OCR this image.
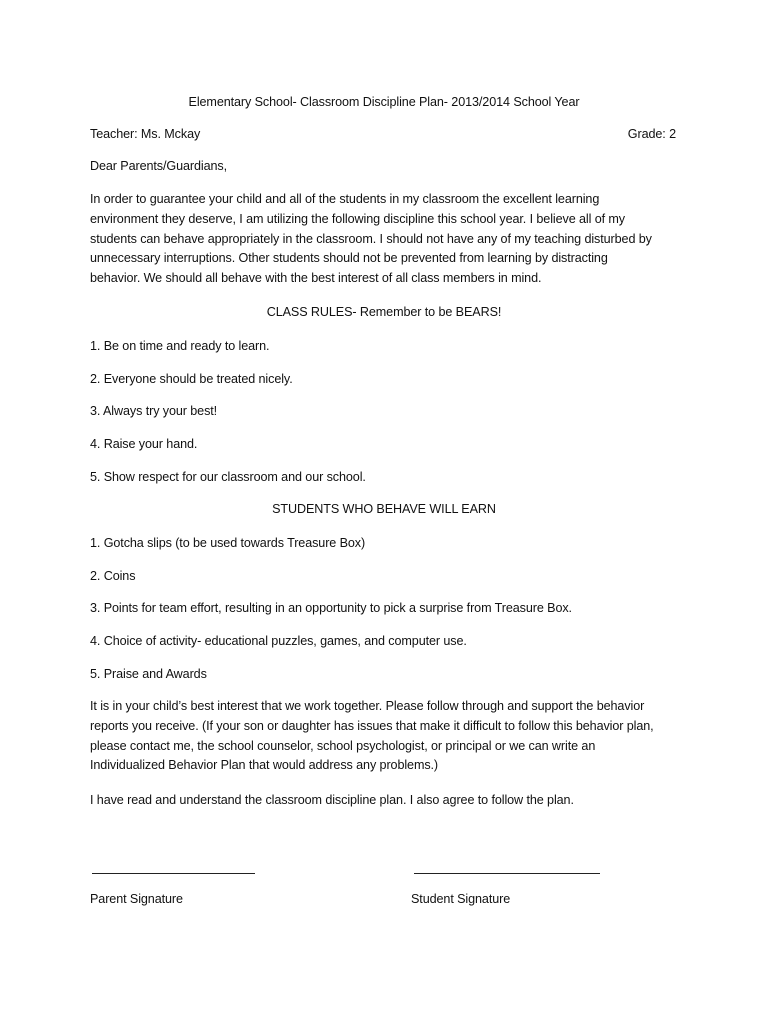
Elementary School- Classroom Discipline Plan- 2013/2014 School Year
Teacher: Ms. Mckay	Grade: 2
Dear Parents/Guardians,
In order to guarantee your child and all of the students in my classroom the excellent learning
environment they deserve, I am utilizing the following discipline this school year. I believe all of my
students can behave appropriately in the classroom. I should not have any of my teaching disturbed by
unnecessary interruptions. Other students should not be prevented from learning by distracting
behavior. We should all behave with the best interest of all class members in mind.
CLASS RULES- Remember to be BEARS!
1. Be on time and ready to learn.
2. Everyone should be treated nicely.
3. Always try your best!
4. Raise your hand.
5. Show respect for our classroom and our school.
STUDENTS WHO BEHAVE WILL EARN
1. Gotcha slips (to be used towards Treasure Box)
2. Coins
3. Points for team effort, resulting in an opportunity to pick a surprise from Treasure Box.
4. Choice of activity- educational puzzles, games, and computer use.
5. Praise and Awards
It is in your child’s best interest that we work together. Please follow through and support the behavior
reports you receive. (If your son or daughter has issues that make it difficult to follow this behavior plan,
please contact me, the school counselor, school psychologist, or principal or we can write an
Individualized Behavior Plan that would address any problems.)
I have read and understand the classroom discipline plan. I also agree to follow the plan.
Parent Signature	Student Signature
